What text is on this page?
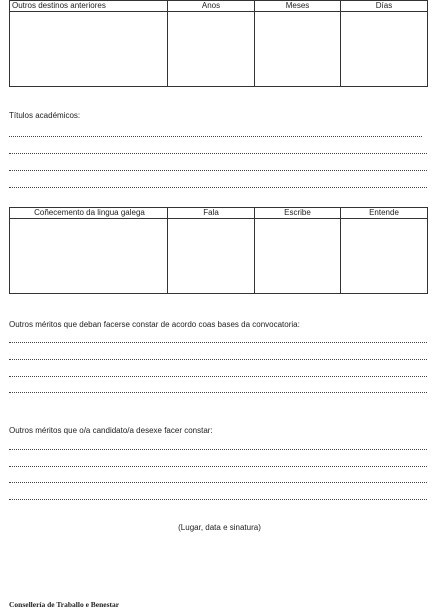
Outros destinos anteriores	Anos	Meses	Días

Títulos académicos:
Coñecemento da lingua galega	Fala	Escribe	Entende

Outros méritos que deban facerse constar de acordo coas bases da convocatoria:
Outros méritos que o/a candidato/a desexe facer constar:
(Lugar, data e sinatura)
Consellería de Traballo e Benestar
